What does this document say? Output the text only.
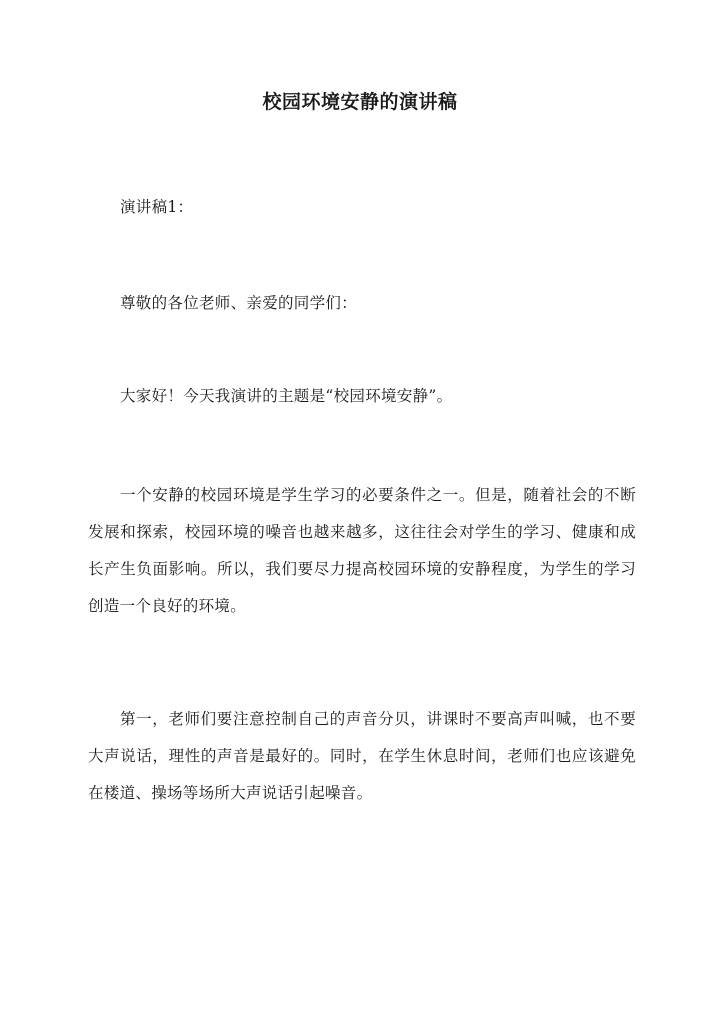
校园环境安静的演讲稿

演讲稿1：

尊敬的各位老师、亲爱的同学们：

大家好！今天我演讲的主题是“校园环境安静”。

一个安静的校园环境是学生学习的必要条件之一。但是，随着社会的不断发展和探索，校园环境的噪音也越来越多，这往往会对学生的学习、健康和成长产生负面影响。所以，我们要尽力提高校园环境的安静程度，为学生的学习创造一个良好的环境。

第一，老师们要注意控制自己的声音分贝，讲课时不要高声叫喊，也不要大声说话，理性的声音是最好的。同时，在学生休息时间，老师们也应该避免在楼道、操场等场所大声说话引起噪音。
